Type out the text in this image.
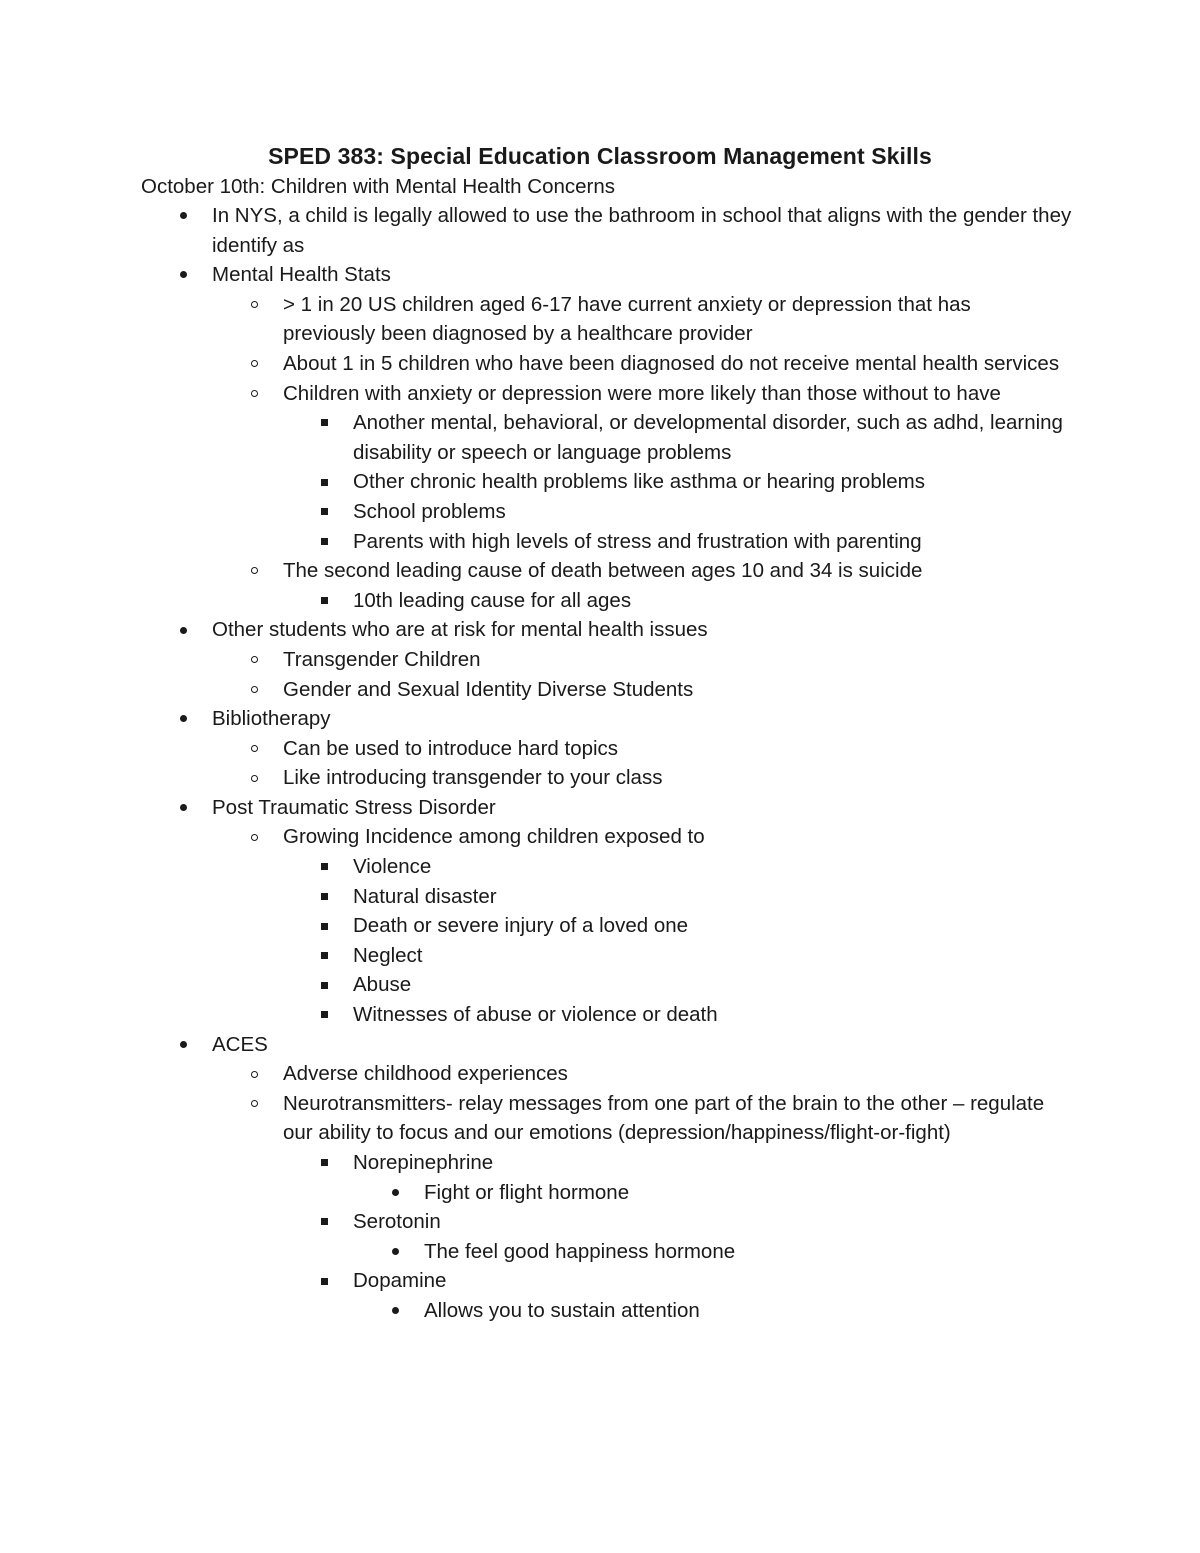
SPED 383: Special Education Classroom Management Skills
October 10th: Children with Mental Health Concerns
In NYS, a child is legally allowed to use the bathroom in school that aligns with the gender they identify as
Mental Health Stats
> 1 in 20 US children aged 6-17 have current anxiety or depression that has previously been diagnosed by a healthcare provider
About 1 in 5 children who have been diagnosed do not receive mental health services
Children with anxiety or depression were more likely than those without to have
Another mental, behavioral, or developmental disorder, such as adhd, learning disability or speech or language problems
Other chronic health problems like asthma or hearing problems
School problems
Parents with high levels of stress and frustration with parenting
The second leading cause of death between ages 10 and 34 is suicide
10th leading cause for all ages
Other students who are at risk for mental health issues
Transgender Children
Gender and Sexual Identity Diverse Students
Bibliotherapy
Can be used to introduce hard topics
Like introducing transgender to your class
Post Traumatic Stress Disorder
Growing Incidence among children exposed to
Violence
Natural disaster
Death or severe injury of a loved one
Neglect
Abuse
Witnesses of abuse or violence or death
ACES
Adverse childhood experiences
Neurotransmitters- relay messages from one part of the brain to the other – regulate our ability to focus and our emotions (depression/happiness/flight-or-fight)
Norepinephrine
Fight or flight hormone
Serotonin
The feel good happiness hormone
Dopamine
Allows you to sustain attention
